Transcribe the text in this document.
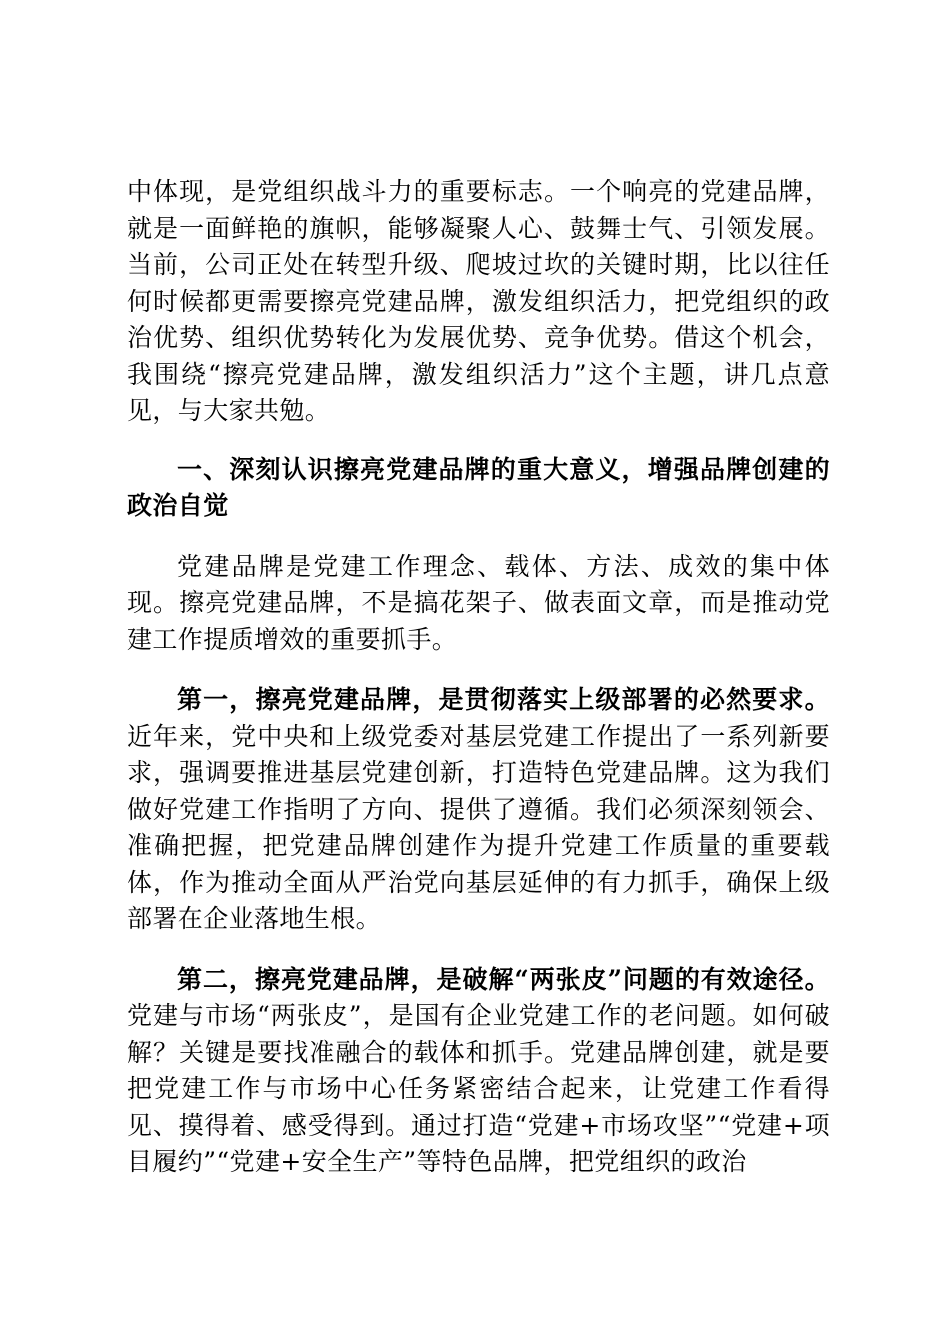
中体现，是党组织战斗力的重要标志。一个响亮的党建品牌，就是一面鲜艳的旗帜，能够凝聚人心、鼓舞士气、引领发展。当前，公司正处在转型升级、爬坡过坎的关键时期，比以往任何时候都更需要擦亮党建品牌，激发组织活力，把党组织的政治优势、组织优势转化为发展优势、竞争优势。借这个机会，我围绕“擦亮党建品牌，激发组织活力”这个主题，讲几点意见，与大家共勉。

一、深刻认识擦亮党建品牌的重大意义，增强品牌创建的政治自觉

党建品牌是党建工作理念、载体、方法、成效的集中体现。擦亮党建品牌，不是搞花架子、做表面文章，而是推动党建工作提质增效的重要抓手。

第一，擦亮党建品牌，是贯彻落实上级部署的必然要求。近年来，党中央和上级党委对基层党建工作提出了一系列新要求，强调要推进基层党建创新，打造特色党建品牌。这为我们做好党建工作指明了方向、提供了遵循。我们必须深刻领会、准确把握，把党建品牌创建作为提升党建工作质量的重要载体，作为推动全面从严治党向基层延伸的有力抓手，确保上级部署在企业落地生根。

第二，擦亮党建品牌，是破解“两张皮”问题的有效途径。党建与市场“两张皮”，是国有企业党建工作的老问题。如何破解？关键是要找准融合的载体和抓手。党建品牌创建，就是要把党建工作与市场中心任务紧密结合起来，让党建工作看得见、摸得着、感受得到。通过打造“党建+市场攻坚”“党建+项目履约”“党建+安全生产”等特色品牌，把党组织的政治
